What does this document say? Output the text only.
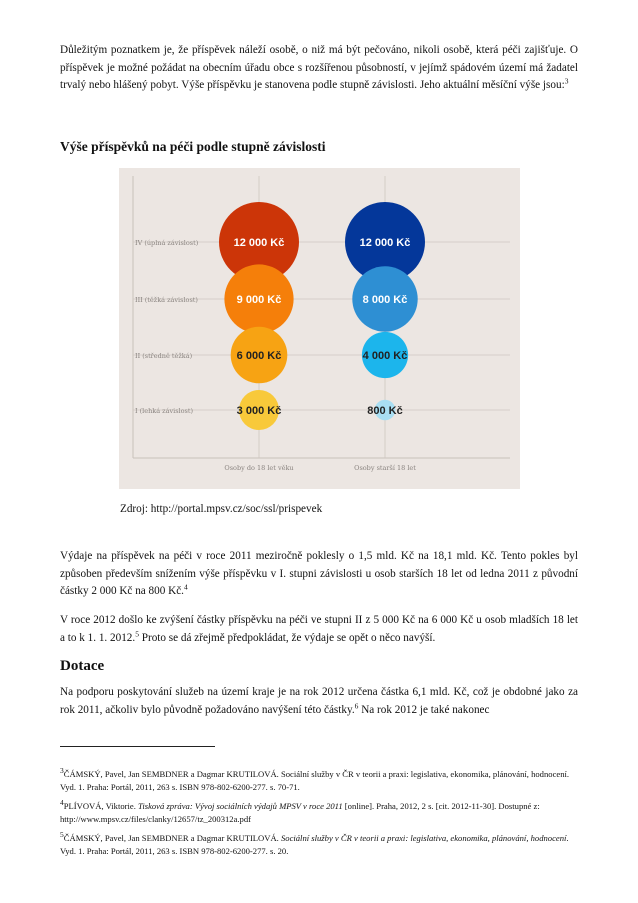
Důležitým poznatkem je, že příspěvek náleží osobě, o niž má být pečováno, nikoli osobě, která péči zajišťuje. O příspěvek je možné požádat na obecním úřadu obce s rozšířenou působností, v jejímž spádovém území má žadatel trvalý nebo hlášený pobyt. Výše příspěvku je stanovena podle stupně závislosti. Jeho aktuální měsíční výše jsou:$^3$

Výše příspěvků na péči podle stupně závislosti
IV (úplná závislost)
III (těžká závislost)
II (středně těžká)
I (lehká závislost)
Osoby do 18 let věku	Osoby starší 18 let
12 000 Kč
9 000 Kč
6 000 Kč
3 000 Kč
12 000 Kč
8 000 Kč
4 000 Kč
800 Kč
Zdroj: http://portal.mpsv.cz/soc/ssl/prispevek

Výdaje na příspěvek na péči v roce 2011 meziročně poklesly o 1,5 mld. Kč na 18,1 mld. Kč. Tento pokles byl způsoben především snížením výše příspěvku v I. stupni závislosti u osob starších 18 let od ledna 2011 z původní částky 2 000 Kč na 800 Kč.$^4$

V roce 2012 došlo ke zvýšení částky příspěvku na péči ve stupni II z 5 000 Kč na 6 000 Kč u osob mladších 18 let a to k 1. 1. 2012.$^5$ Proto se dá zřejmě předpokládat, že výdaje se opět o něco navýší.

Dotace

Na podporu poskytování služeb na území kraje je na rok 2012 určena částka 6,1 mld. Kč, což je obdobné jako za rok 2011, ačkoliv bylo původně požadováno navýšení této částky.$^6$ Na rok 2012 je také nakonec

$^3$ČÁMSKÝ, Pavel, Jan SEMBDNER a Dagmar KRUTILOVÁ. Sociální služby v ČR v teorii a praxi: legislativa, ekonomika, plánování, hodnocení. Vyd. 1. Praha: Portál, 2011, 263 s. ISBN 978-802-6200-277. s. 70-71.

$^4$PLÍVOVÁ, Viktorie. Tisková zpráva: Vývoj sociálních výdajů MPSV v roce 2011 [online]. Praha, 2012, 2 s. [cit. 2012-11-30]. Dostupné z: http://www.mpsv.cz/files/clanky/12657/tz_200312a.pdf

$^5$ČÁMSKÝ, Pavel, Jan SEMBDNER a Dagmar KRUTILOVÁ. Sociální služby v ČR v teorii a praxi: legislativa, ekonomika, plánování, hodnocení. Vyd. 1. Praha: Portál, 2011, 263 s. ISBN 978-802-6200-277. s. 20.
